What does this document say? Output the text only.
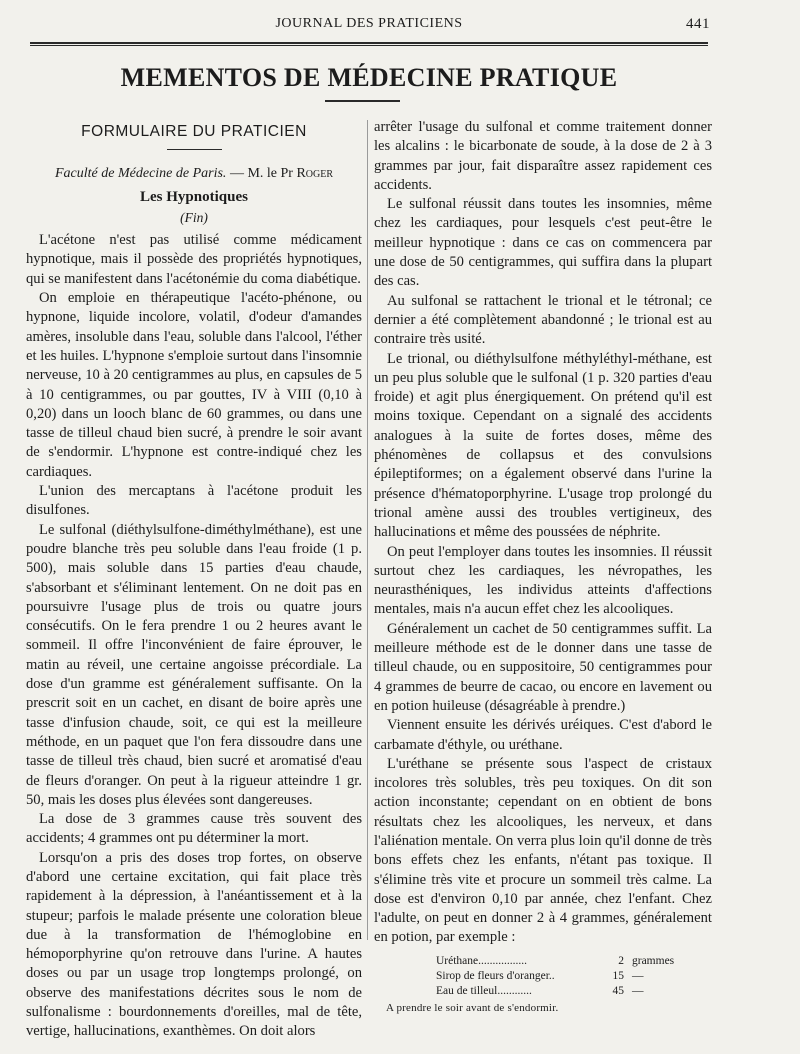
JOURNAL DES PRATICIENS	441
MEMENTOS DE MÉDECINE PRATIQUE
FORMULAIRE DU PRATICIEN
Faculté de Médecine de Paris. — M. le Pr Roger
Les Hypnotiques
(Fin)

L'acétone n'est pas utilisé comme médicament hypnotique, mais il possède des propriétés hypnotiques, qui se manifestent dans l'acétonémie du coma diabétique.

On emploie en thérapeutique l'acéto-phénone, ou hypnone, liquide incolore, volatil, d'odeur d'amandes amères, insoluble dans l'eau, soluble dans l'alcool, l'éther et les huiles. L'hypnone s'emploie surtout dans l'insomnie nerveuse, 10 à 20 centigrammes au plus, en capsules de 5 à 10 centigrammes, ou par gouttes, IV à VIII (0,10 à 0,20) dans un looch blanc de 60 grammes, ou dans une tasse de tilleul chaud bien sucré, à prendre le soir avant de s'endormir. L'hypnone est contre-indiqué chez les cardiaques.

L'union des mercaptans à l'acétone produit les disulfones.

Le sulfonal (diéthylsulfone-diméthylméthane), est une poudre blanche très peu soluble dans l'eau froide (1 p. 500), mais soluble dans 15 parties d'eau chaude, s'absorbant et s'éliminant lentement. On ne doit pas en poursuivre l'usage plus de trois ou quatre jours consécutifs. On le fera prendre 1 ou 2 heures avant le sommeil. Il offre l'inconvénient de faire éprouver, le matin au réveil, une certaine angoisse précordiale. La dose d'un gramme est généralement suffisante. On la prescrit soit en un cachet, en disant de boire après une tasse d'infusion chaude, soit, ce qui est la meilleure méthode, en un paquet que l'on fera dissoudre dans une tasse de tilleul très chaud, bien sucré et aromatisé d'eau de fleurs d'oranger. On peut à la rigueur atteindre 1 gr. 50, mais les doses plus élevées sont dangereuses.

La dose de 3 grammes cause très souvent des accidents; 4 grammes ont pu déterminer la mort.

Lorsqu'on a pris des doses trop fortes, on observe d'abord une certaine excitation, qui fait place très rapidement à la dépression, à l'anéantissement et à la stupeur; parfois le malade présente une coloration bleue due à la transformation de l'hémoglobine en hémoporphyrine qu'on retrouve dans l'urine. A hautes doses ou par un usage trop longtemps prolongé, on observe des manifestations décrites sous le nom de sulfonalisme : bourdonnements d'oreilles, mal de tête, vertige, hallucinations, exanthèmes. On doit alors

arrêter l'usage du sulfonal et comme traitement donner les alcalins : le bicarbonate de soude, à la dose de 2 à 3 grammes par jour, fait disparaître assez rapidement ces accidents.

Le sulfonal réussit dans toutes les insomnies, même chez les cardiaques, pour lesquels c'est peut-être le meilleur hypnotique : dans ce cas on commencera par une dose de 50 centigrammes, qui suffira dans la plupart des cas.

Au sulfonal se rattachent le trional et le tétronal; ce dernier a été complètement abandonné ; le trional est au contraire très usité.

Le trional, ou diéthylsulfone méthyléthyl-méthane, est un peu plus soluble que le sulfonal (1 p. 320 parties d'eau froide) et agit plus énergiquement. On prétend qu'il est moins toxique. Cependant on a signalé des accidents analogues à la suite de fortes doses, même des phénomènes de collapsus et des convulsions épileptiformes; on a également observé dans l'urine la présence d'hématoporphyrine. L'usage trop prolongé du trional amène aussi des troubles vertigineux, des hallucinations et même des poussées de néphrite.

On peut l'employer dans toutes les insomnies. Il réussit surtout chez les cardiaques, les névropathes, les neurasthéniques, les individus atteints d'affections mentales, mais n'a aucun effet chez les alcooliques.

Généralement un cachet de 50 centigrammes suffit. La meilleure méthode est de le donner dans une tasse de tilleul chaude, ou en suppositoire, 50 centigrammes pour 4 grammes de beurre de cacao, ou encore en lavement ou en potion huileuse (désagréable à prendre.)

Viennent ensuite les dérivés uréiques. C'est d'abord le carbamate d'éthyle, ou uréthane.

L'uréthane se présente sous l'aspect de cristaux incolores très solubles, très peu toxiques. On dit son action inconstante; cependant on en obtient de bons résultats chez les alcooliques, les nerveux, et dans l'aliénation mentale. On verra plus loin qu'il donne de très bons effets chez les enfants, n'étant pas toxique. Il s'élimine très vite et procure un sommeil très calme. La dose est d'environ 0,10 par année, chez l'enfant. Chez l'adulte, on peut en donner 2 à 4 grammes, généralement en potion, par exemple :

Uréthane.................	2 grammes
Sirop de fleurs d'oranger..	15 —
Eau de tilleul............	45 —
A prendre le soir avant de s'endormir.
